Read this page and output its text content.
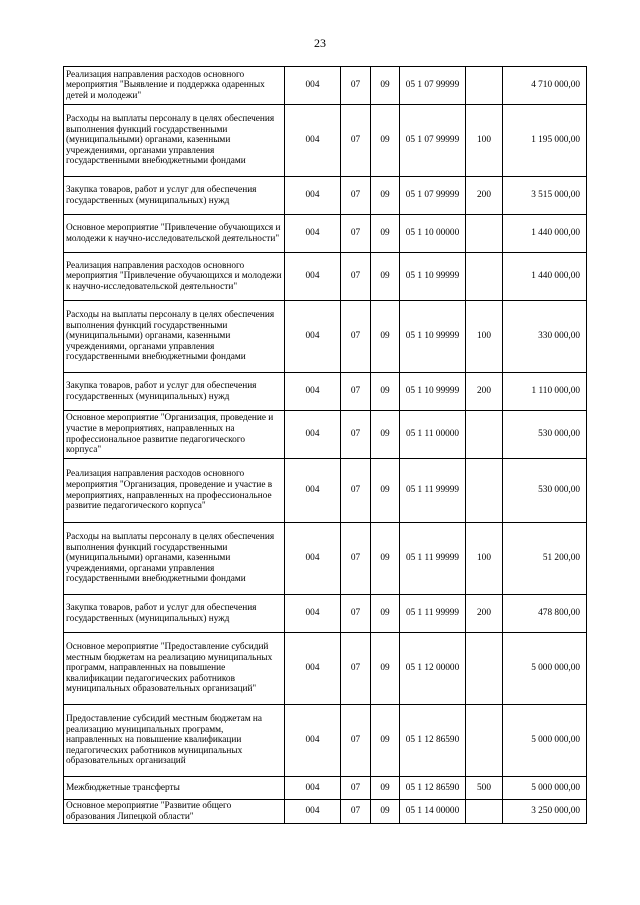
23
Реализация направления расходов основного мероприятия "Выявление и поддержка одаренных детей и молодежи"	004	07	09	05 1 07 99999		4 710 000,00
Расходы на выплаты персоналу в целях обеспечения выполнения функций государственными (муниципальными) органами, казенными учреждениями, органами управления государственными внебюджетными фондами	004	07	09	05 1 07 99999	100	1 195 000,00
Закупка товаров, работ и услуг для обеспечения государственных (муниципальных) нужд	004	07	09	05 1 07 99999	200	3 515 000,00
Основное мероприятие "Привлечение обучающихся и молодежи к научно-исследовательской деятельности"	004	07	09	05 1 10 00000		1 440 000,00
Реализация направления расходов основного мероприятия "Привлечение обучающихся и молодежи к научно-исследовательской деятельности"	004	07	09	05 1 10 99999		1 440 000,00
Расходы на выплаты персоналу в целях обеспечения выполнения функций государственными (муниципальными) органами, казенными учреждениями, органами управления государственными внебюджетными фондами	004	07	09	05 1 10 99999	100	330 000,00
Закупка товаров, работ и услуг для обеспечения государственных (муниципальных) нужд	004	07	09	05 1 10 99999	200	1 110 000,00
Основное мероприятие "Организация, проведение и участие в мероприятиях, направленных на профессиональное развитие педагогического корпуса"	004	07	09	05 1 11 00000		530 000,00
Реализация направления расходов основного мероприятия "Организация, проведение и участие в мероприятиях, направленных на профессиональное развитие педагогического корпуса"	004	07	09	05 1 11 99999		530 000,00
Расходы на выплаты персоналу в целях обеспечения выполнения функций государственными (муниципальными) органами, казенными учреждениями, органами управления государственными внебюджетными фондами	004	07	09	05 1 11 99999	100	51 200,00
Закупка товаров, работ и услуг для обеспечения государственных (муниципальных) нужд	004	07	09	05 1 11 99999	200	478 800,00
Основное мероприятие "Предоставление субсидий местным бюджетам на реализацию муниципальных программ, направленных на повышение квалификации педагогических работников муниципальных образовательных организаций"	004	07	09	05 1 12 00000		5 000 000,00
Предоставление субсидий местным бюджетам на реализацию муниципальных программ, направленных на повышение квалификации педагогических работников муниципальных образовательных организаций	004	07	09	05 1 12 86590		5 000 000,00
Межбюджетные трансферты	004	07	09	05 1 12 86590	500	5 000 000,00
Основное мероприятие "Развитие общего образования Липецкой области"	004	07	09	05 1 14 00000		3 250 000,00
